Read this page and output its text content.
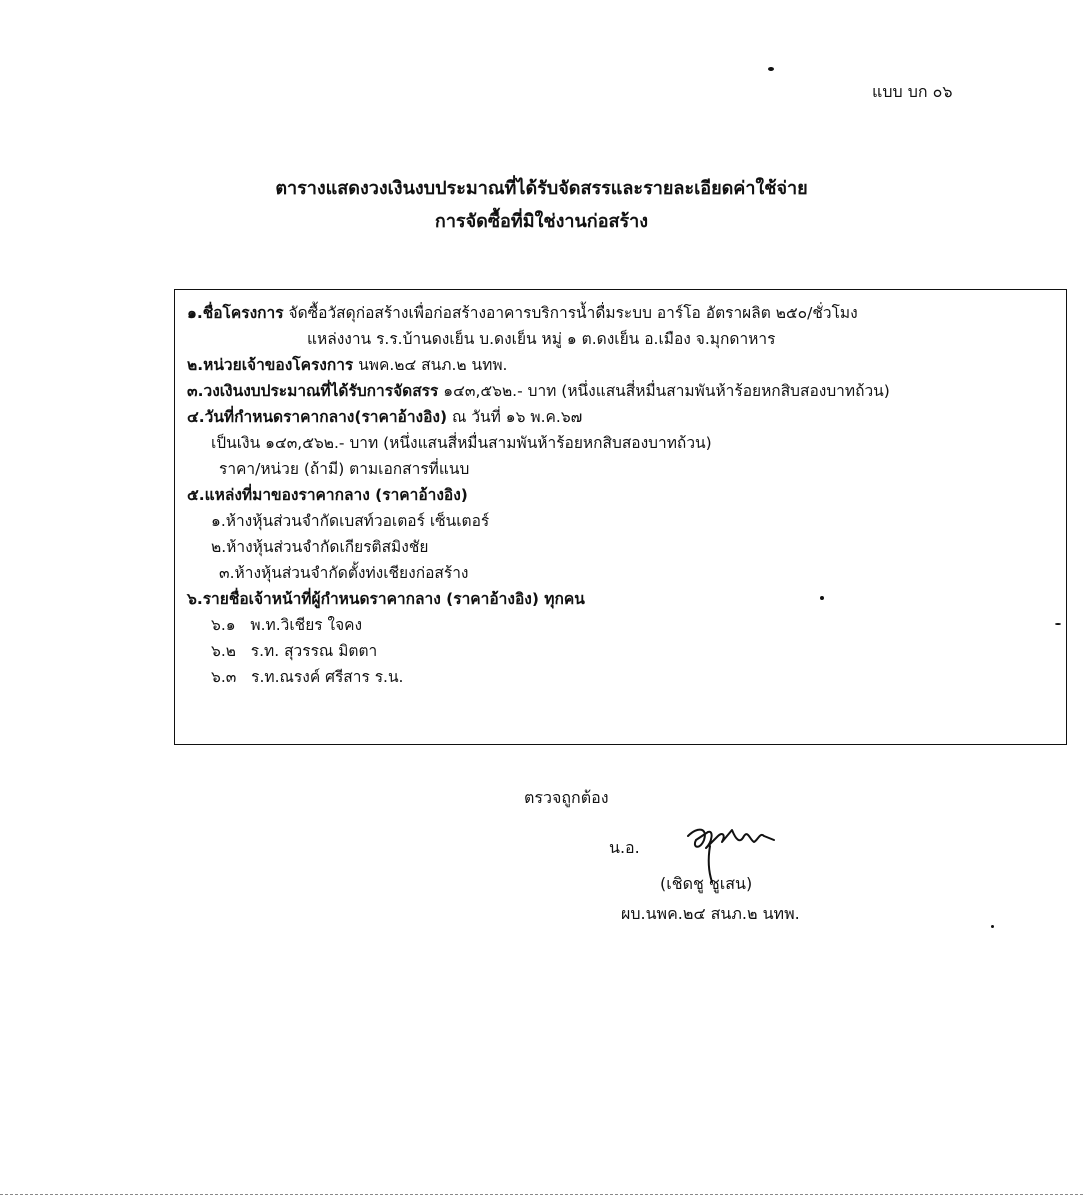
แบบ บก ๐๖
ตารางแสดงวงเงินงบประมาณที่ได้รับจัดสรรและรายละเอียดค่าใช้จ่าย
การจัดซื้อที่มิใช่งานก่อสร้าง
๑.ชื่อโครงการ จัดซื้อวัสดุก่อสร้างเพื่อก่อสร้างอาคารบริการน้ำดื่มระบบ อาร์โอ อัตราผลิต ๒๕๐/ชั่วโมง
แหล่งงาน ร.ร.บ้านดงเย็น บ.ดงเย็น หมู่ ๑ ต.ดงเย็น อ.เมือง จ.มุกดาหาร
๒.หน่วยเจ้าของโครงการ นพค.๒๔ สนภ.๒ นทพ.
๓.วงเงินงบประมาณที่ได้รับการจัดสรร ๑๔๓,๕๖๒.- บาท (หนึ่งแสนสี่หมื่นสามพันห้าร้อยหกสิบสองบาทถ้วน)
๔.วันที่กำหนดราคากลาง(ราคาอ้างอิง) ณ วันที่ ๑๖ พ.ค.๖๗
เป็นเงิน ๑๔๓,๕๖๒.- บาท (หนึ่งแสนสี่หมื่นสามพันห้าร้อยหกสิบสองบาทถ้วน)
ราคา/หน่วย (ถ้ามี) ตามเอกสารที่แนบ
๕.แหล่งที่มาของราคากลาง (ราคาอ้างอิง)
๑.ห้างหุ้นส่วนจำกัดเบสท์วอเตอร์ เซ็นเตอร์
๒.ห้างหุ้นส่วนจำกัดเกียรติสมิงชัย
๓.ห้างหุ้นส่วนจำกัดตั้งท่งเชียงก่อสร้าง
๖.รายชื่อเจ้าหน้าที่ผู้กำหนดราคากลาง (ราคาอ้างอิง) ทุกคน
๖.๑ พ.ท.วิเชียร ใจคง
๖.๒ ร.ท. สุวรรณ มิตตา
๖.๓ ร.ท.ณรงค์ ศรีสาร ร.น.
ตรวจถูกต้อง
น.อ.
(เชิดชู ชูเสน)
ผบ.นพค.๒๔ สนภ.๒ นทพ.
